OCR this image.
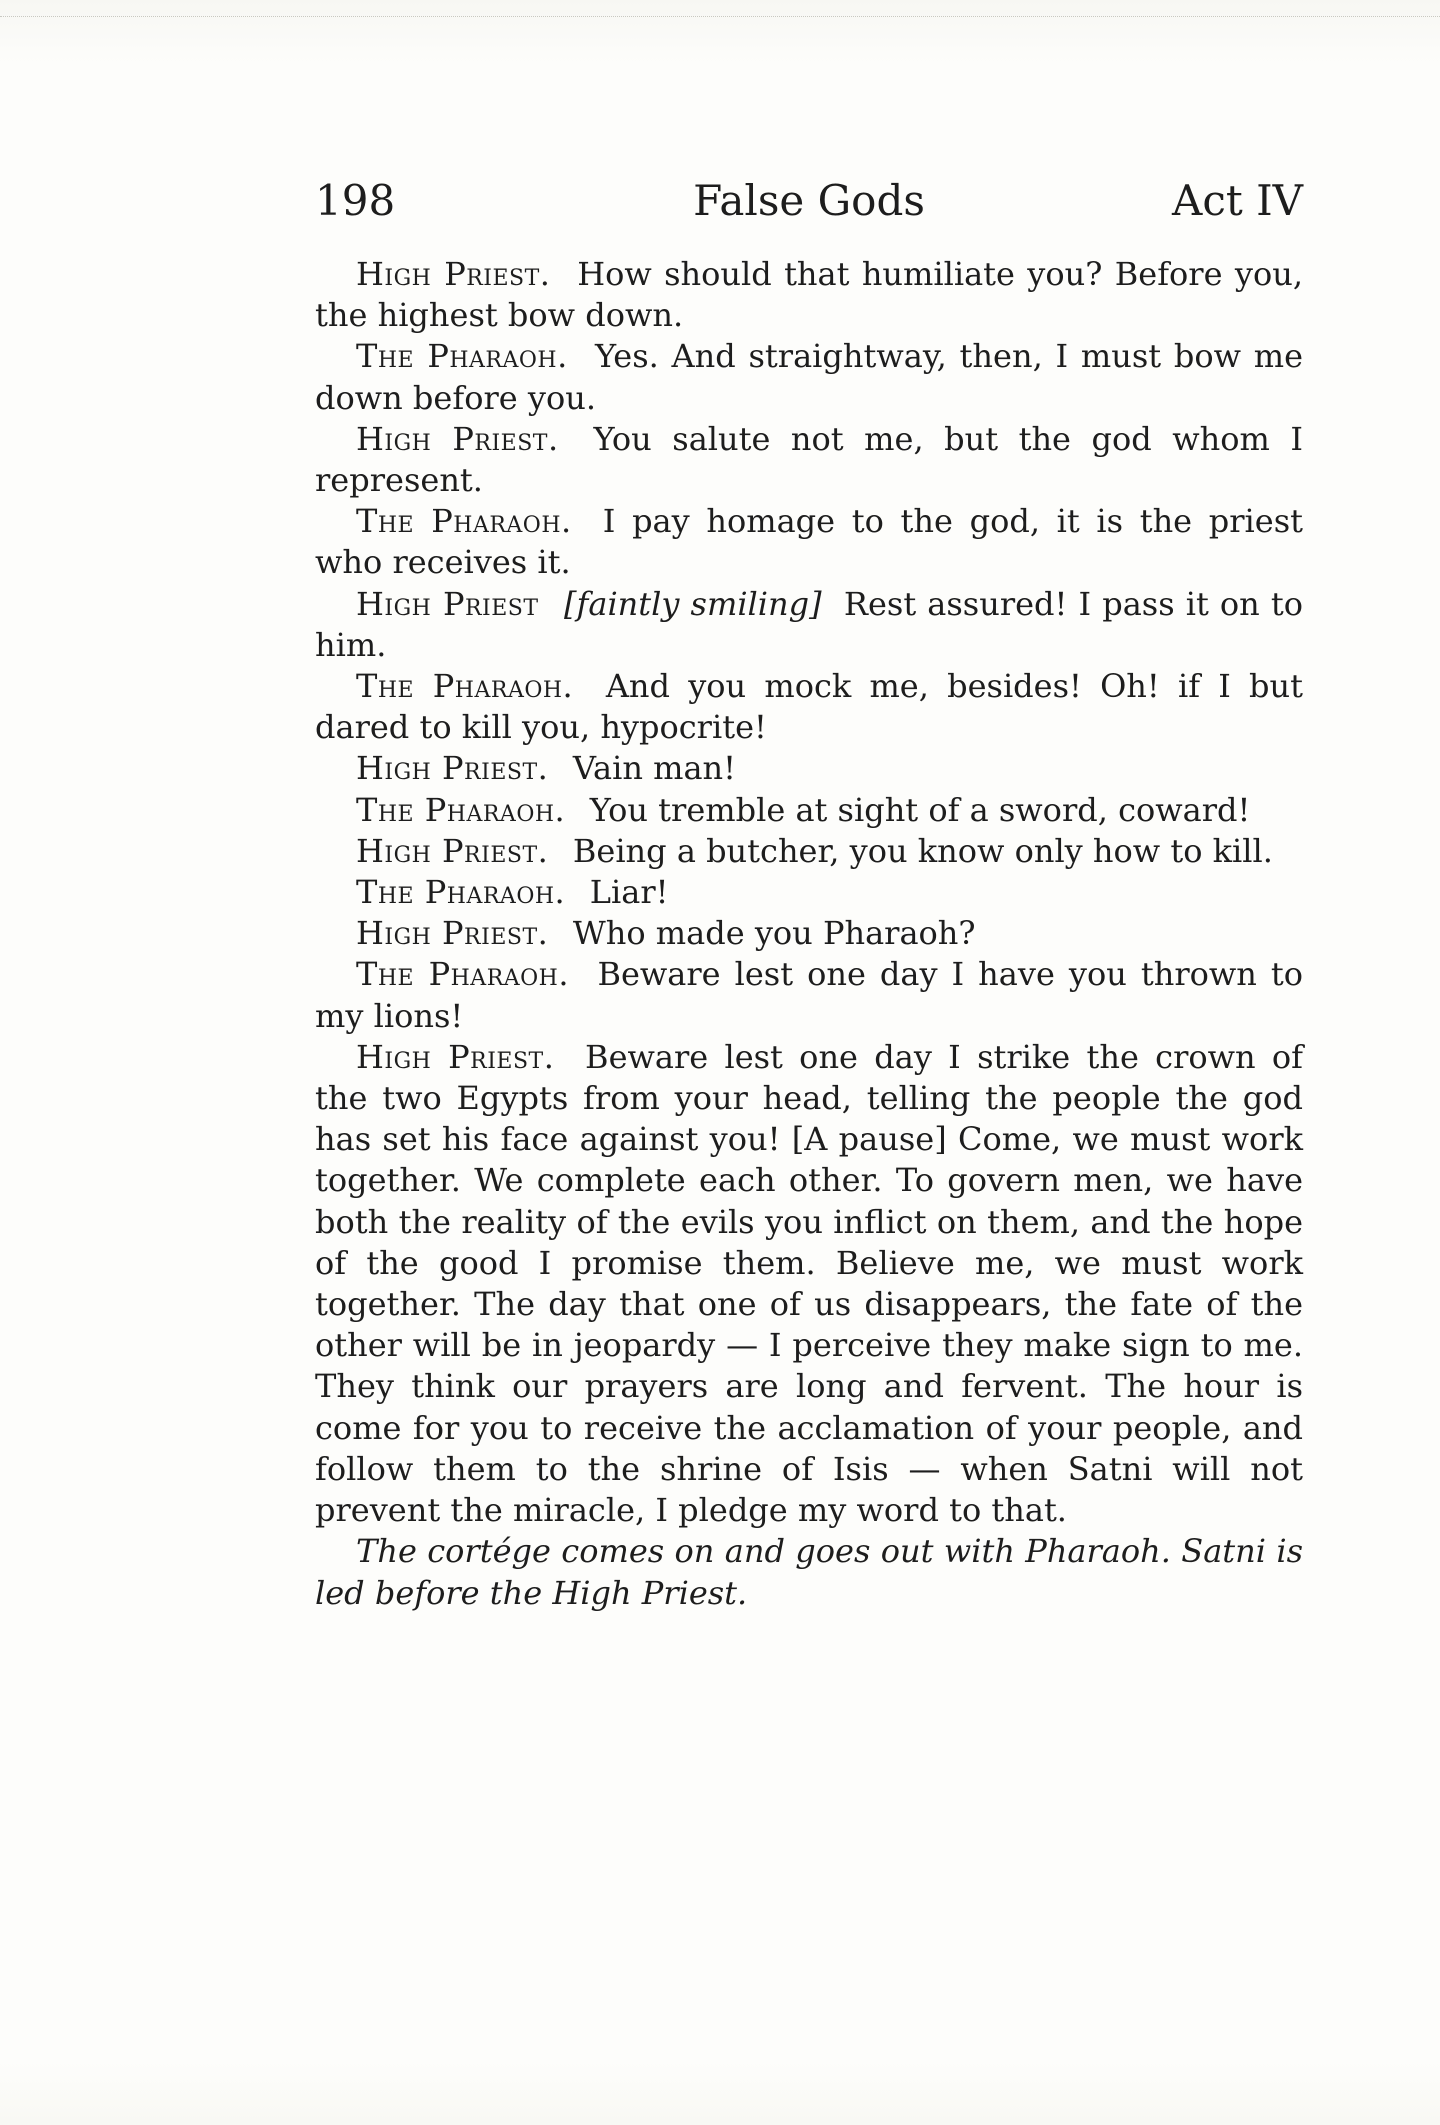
198	False Gods	Act IV

High Priest. How should that humiliate you? Before you, the highest bow down.

The Pharaoh. Yes. And straightway, then, I must bow me down before you.

High Priest. You salute not me, but the god whom I represent.

The Pharaoh. I pay homage to the god, it is the priest who receives it.

High Priest [faintly smiling] Rest assured! I pass it on to him.

The Pharaoh. And you mock me, besides! Oh! if I but dared to kill you, hypocrite!

High Priest. Vain man!

The Pharaoh. You tremble at sight of a sword, coward!

High Priest. Being a butcher, you know only how to kill.

The Pharaoh. Liar!

High Priest. Who made you Pharaoh?

The Pharaoh. Beware lest one day I have you thrown to my lions!

High Priest. Beware lest one day I strike the crown of the two Egypts from your head, telling the people the god has set his face against you! [A pause] Come, we must work together. We complete each other. To govern men, we have both the reality of the evils you inflict on them, and the hope of the good I promise them. Believe me, we must work together. The day that one of us disappears, the fate of the other will be in jeopardy — I perceive they make sign to me. They think our prayers are long and fervent. The hour is come for you to receive the acclamation of your people, and follow them to the shrine of Isis — when Satni will not prevent the miracle, I pledge my word to that.

The cortége comes on and goes out with Pharaoh. Satni is led before the High Priest.
